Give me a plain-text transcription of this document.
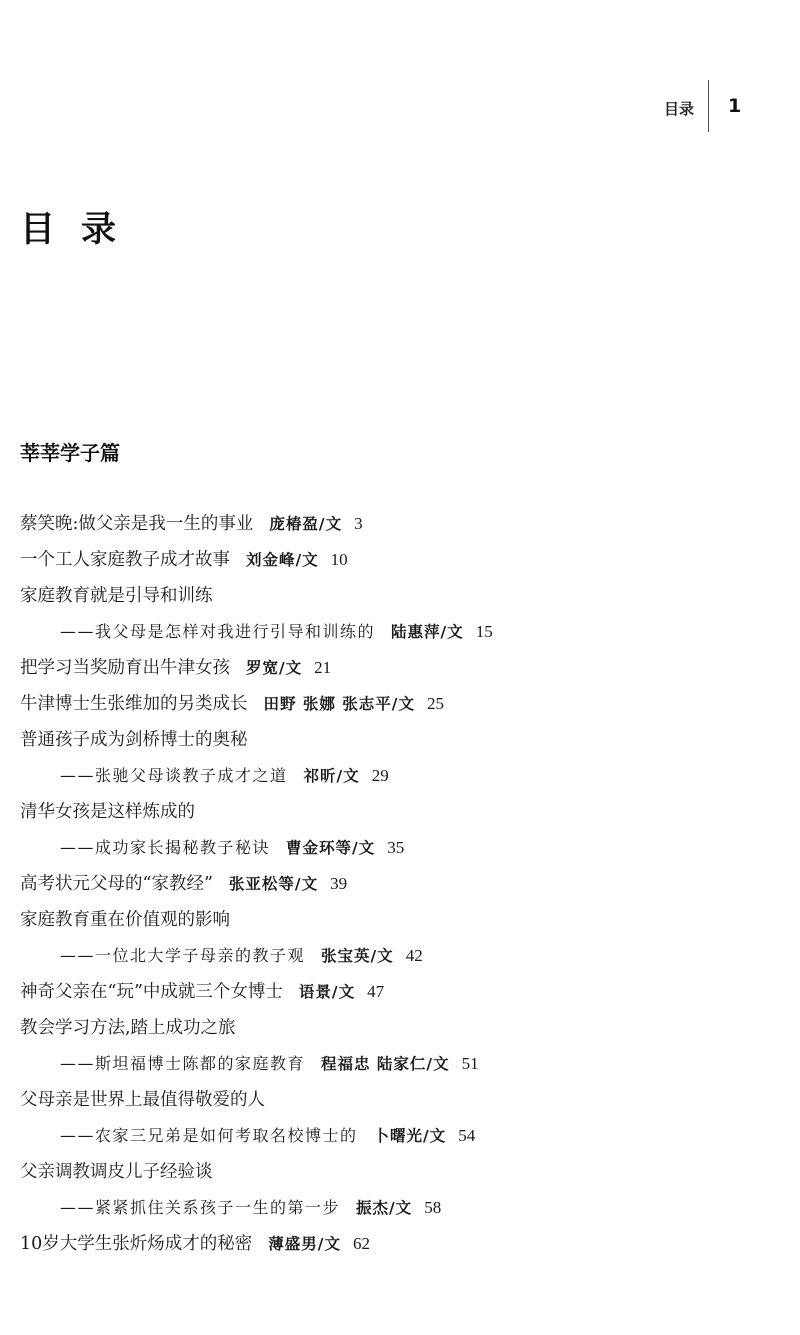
目录 1
目录
莘莘学子篇
蔡笑晚:做父亲是我一生的事业 庞椿盈/文 3
一个工人家庭教子成才故事 刘金峰/文 10
家庭教育就是引导和训练
——我父母是怎样对我进行引导和训练的 陆惠萍/文 15
把学习当奖励育出牛津女孩 罗宽/文 21
牛津博士生张维加的另类成长 田野 张娜 张志平/文 25
普通孩子成为剑桥博士的奥秘
——张驰父母谈教子成才之道 祁昕/文 29
清华女孩是这样炼成的
——成功家长揭秘教子秘诀 曹金环等/文 35
高考状元父母的“家教经” 张亚松等/文 39
家庭教育重在价值观的影响
——一位北大学子母亲的教子观 张宝英/文 42
神奇父亲在“玩”中成就三个女博士 语景/文 47
教会学习方法,踏上成功之旅
——斯坦福博士陈都的家庭教育 程福忠 陆家仁/文 51
父母亲是世界上最值得敬爱的人
——农家三兄弟是如何考取名校博士的 卜曙光/文 54
父亲调教调皮儿子经验谈
——紧紧抓住关系孩子一生的第一步 振杰/文 58
10岁大学生张炘炀成才的秘密 薄盛男/文 62
